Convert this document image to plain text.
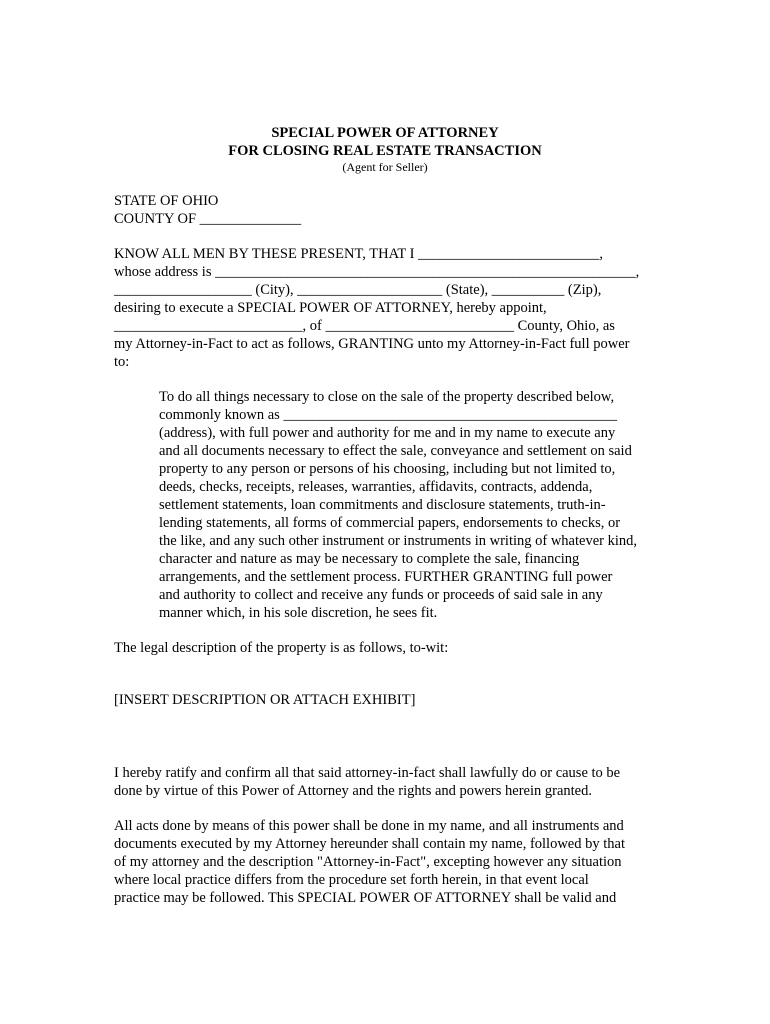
SPECIAL POWER OF ATTORNEY
FOR CLOSING REAL ESTATE TRANSACTION
(Agent for Seller)
STATE OF OHIO
COUNTY OF ______________
KNOW ALL MEN BY THESE PRESENT, THAT I _________________________,
whose address is __________________________________________________________,
___________________ (City), ____________________ (State), __________ (Zip),
desiring to execute a SPECIAL POWER OF ATTORNEY, hereby appoint,
__________________________, of __________________________ County, Ohio, as
my Attorney-in-Fact to act as follows, GRANTING unto my Attorney-in-Fact full power
to:
To do all things necessary to close on the sale of the property described below,
commonly known as ______________________________________________
(address), with full power and authority for me and in my name to execute any
and all documents necessary to effect the sale, conveyance and settlement on said
property to any person or persons of his choosing, including but not limited to,
deeds, checks, receipts, releases, warranties, affidavits, contracts, addenda,
settlement statements, loan commitments and disclosure statements, truth-in-
lending statements, all forms of commercial papers, endorsements to checks, or
the like, and any such other instrument or instruments in writing of whatever kind,
character and nature as may be necessary to complete the sale, financing
arrangements, and the settlement process. FURTHER GRANTING full power
and authority to collect and receive any funds or proceeds of said sale in any
manner which, in his sole discretion, he sees fit.
The legal description of the property is as follows, to-wit:
[INSERT DESCRIPTION OR ATTACH EXHIBIT]
I hereby ratify and confirm all that said attorney-in-fact shall lawfully do or cause to be
done by virtue of this Power of Attorney and the rights and powers herein granted.
All acts done by means of this power shall be done in my name, and all instruments and
documents executed by my Attorney hereunder shall contain my name, followed by that
of my attorney and the description "Attorney-in-Fact", excepting however any situation
where local practice differs from the procedure set forth herein, in that event local
practice may be followed. This SPECIAL POWER OF ATTORNEY shall be valid and
